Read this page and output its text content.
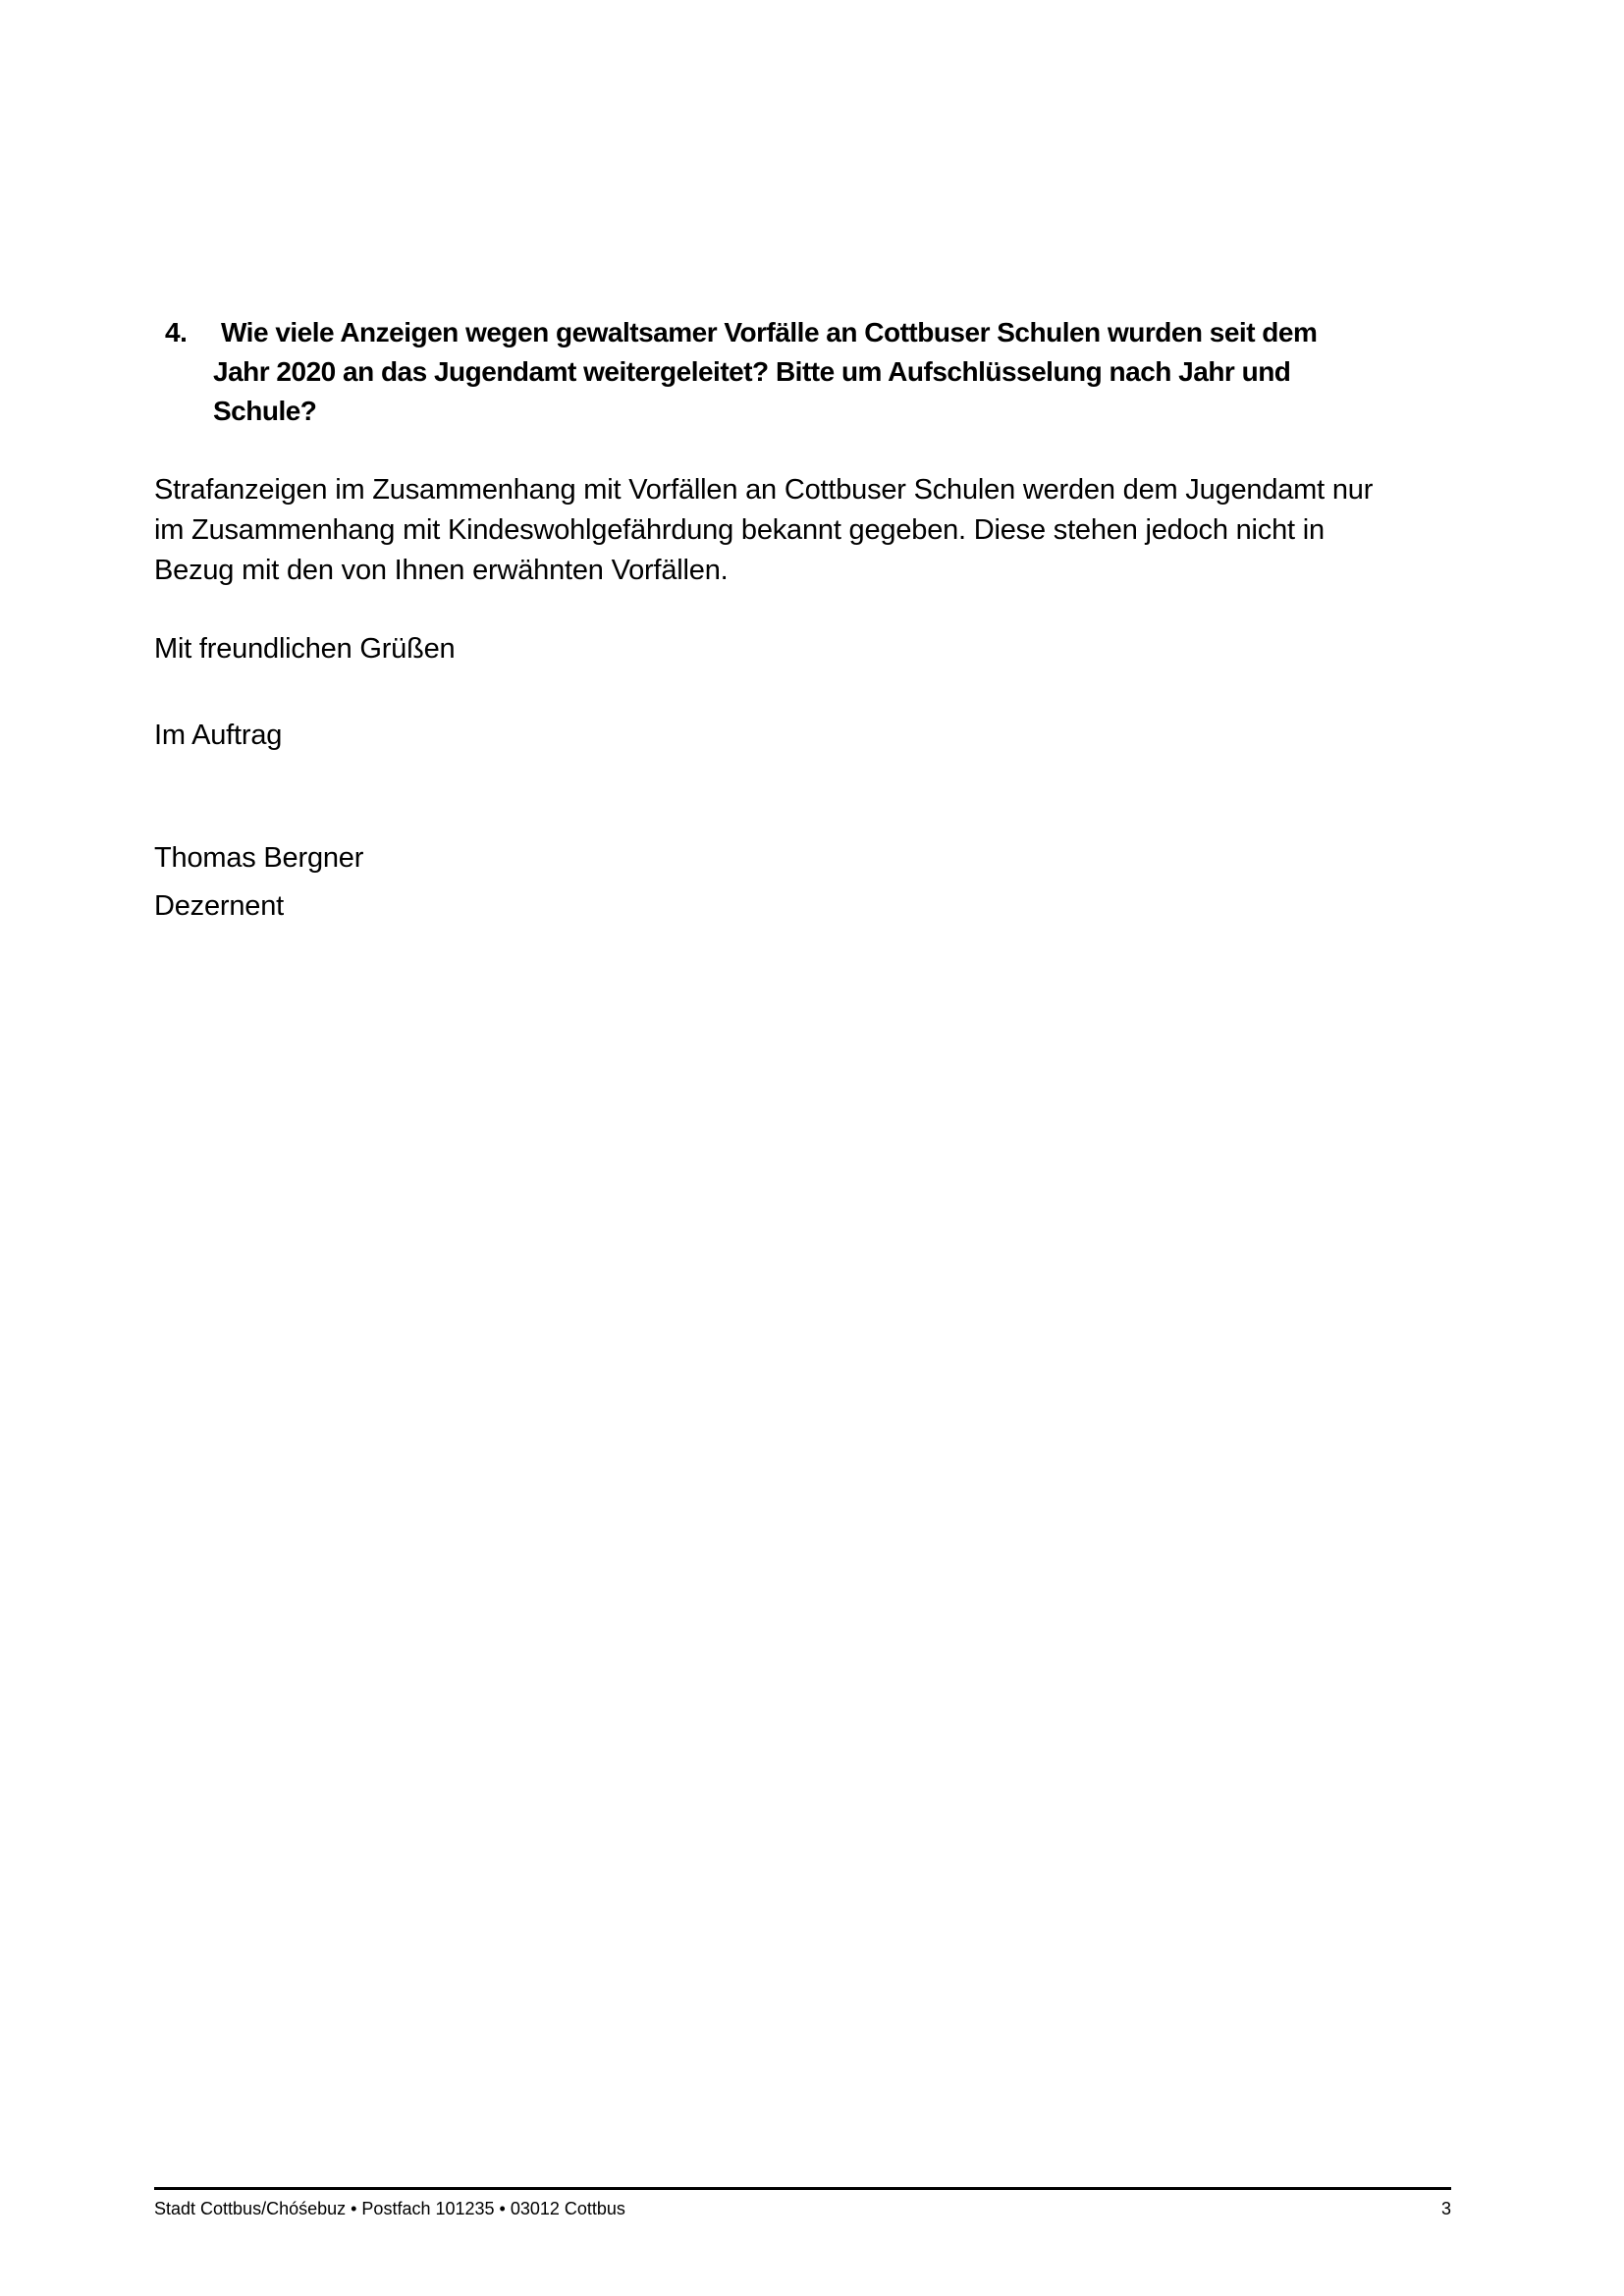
4. Wie viele Anzeigen wegen gewaltsamer Vorfälle an Cottbuser Schulen wurden seit dem
Jahr 2020 an das Jugendamt weitergeleitet? Bitte um Aufschlüsselung nach Jahr und
Schule?
Strafanzeigen im Zusammenhang mit Vorfällen an Cottbuser Schulen werden dem Jugendamt nur
im Zusammenhang mit Kindeswohlgefährdung bekannt gegeben. Diese stehen jedoch nicht in
Bezug mit den von Ihnen erwähnten Vorfällen.
Mit freundlichen Grüßen
Im Auftrag
Thomas Bergner
Dezernent
Stadt Cottbus/Chóśebuz • Postfach 101235 • 03012 Cottbus	3
